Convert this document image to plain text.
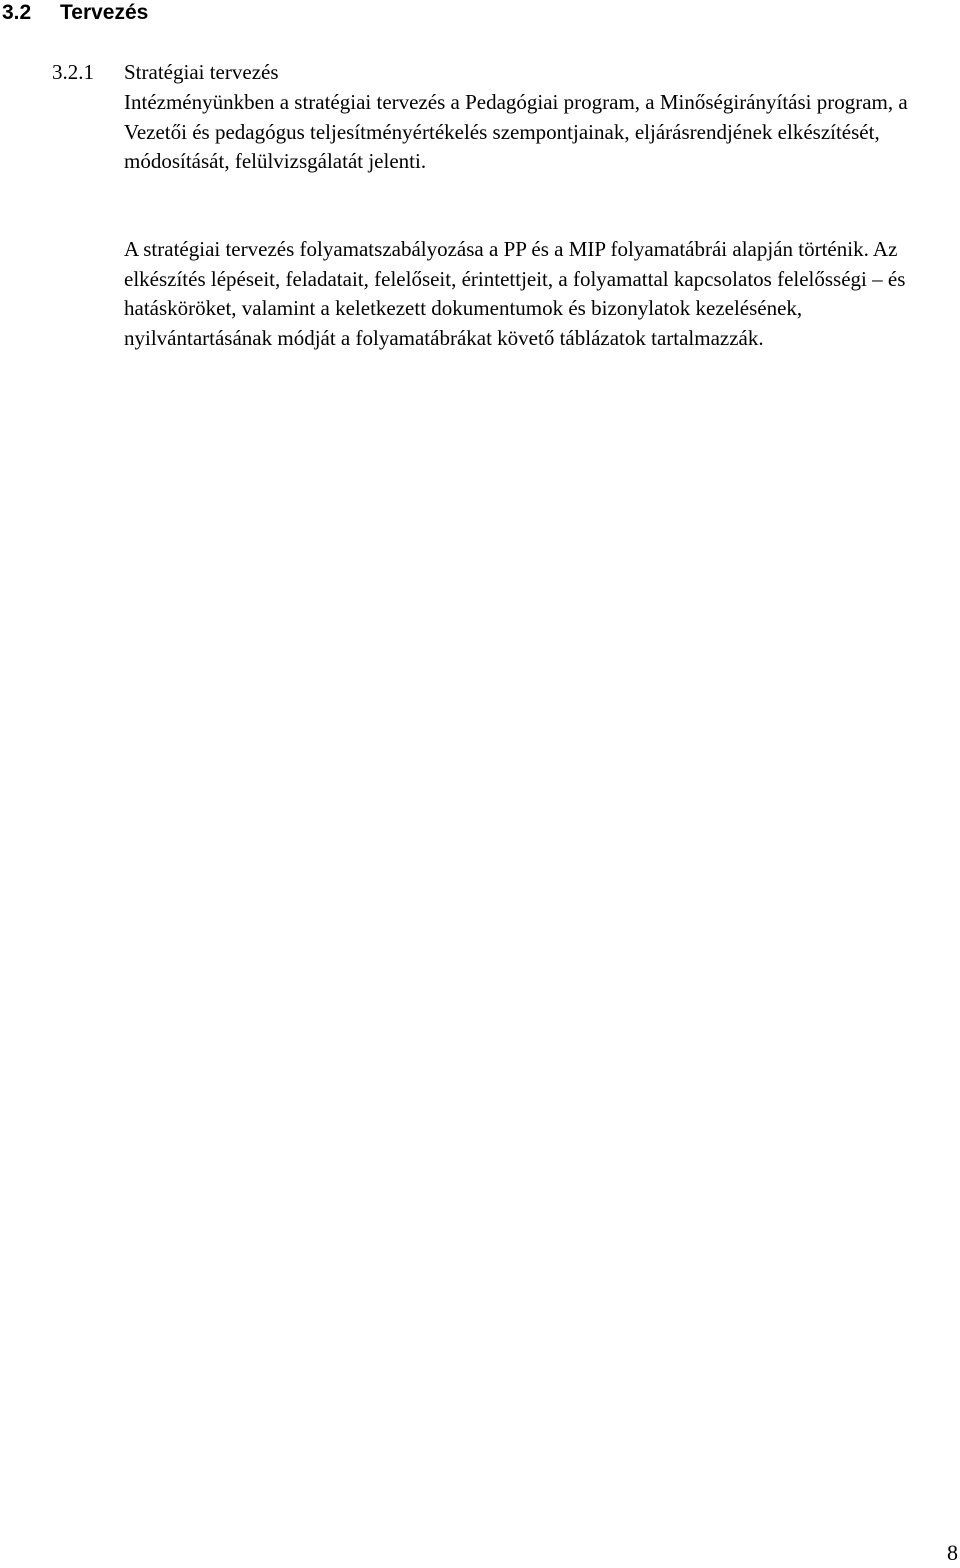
3.2 Tervezés
3.2.1 Stratégiai tervezés

Intézményünkben a stratégiai tervezés a Pedagógiai program, a Minőségirányítási program, a Vezetői és pedagógus teljesítményértékelés szempontjainak, eljárásrendjének elkészítését, módosítását, felülvizsgálatát jelenti.

A stratégiai tervezés folyamatszabályozása a PP és a MIP folyamatábrái alapján történik. Az elkészítés lépéseit, feladatait, felelőseit, érintettjeit, a folyamattal kapcsolatos felelősségi – és hatásköröket, valamint a keletkezett dokumentumok és bizonylatok kezelésének, nyilvántartásának módját a folyamatábrákat követő táblázatok tartalmazzák.

8
